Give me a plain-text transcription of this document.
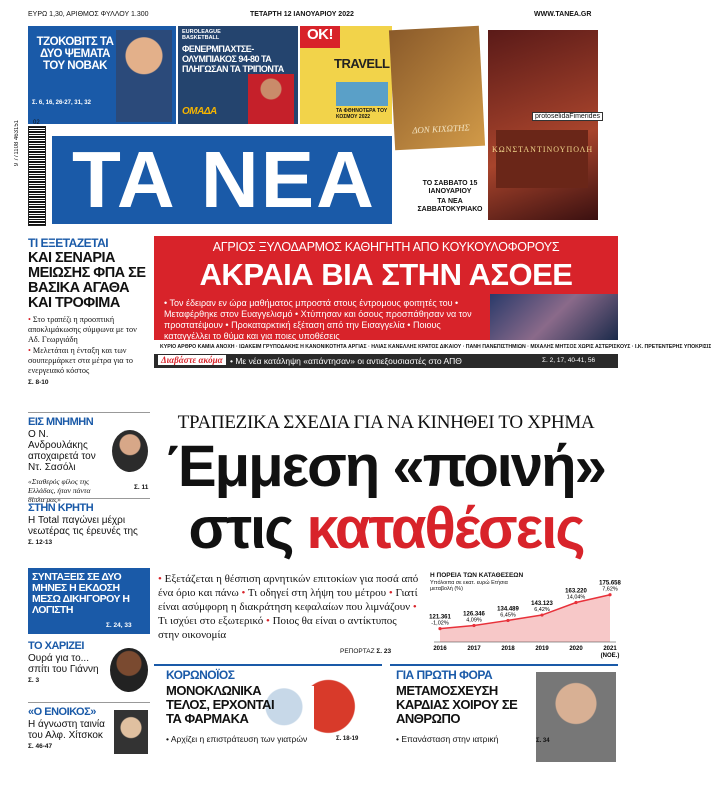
ΕΥΡΩ 1,30, ΑΡΙΘΜΟΣ ΦΥΛΛΟΥ 1.300	ΤΕΤΑΡΤΗ 12 ΙΑΝΟΥΑΡΙΟΥ 2022	WWW.TANEA.GR
ΤΖΟΚΟΒΙΤΣ ΤΑ ΔΥΟ ΨΕΜΑΤΑ ΤΟΥ ΝΟΒΑΚ
Σ. 6, 16, 26-27, 31, 32
EUROLEAGUE BASKETBALL
ΦΕΝΕΡΜΠΑΧΤΣΕ-ΟΛΥΜΠΙΑΚΟΣ 94-80 ΤΑ ΠΛΗΓΩΣΑΝ ΤΑ ΤΡΙΠΟΝΤΑ
ΟΜΑΔΑ
OK!
TRAVELL
ΤΑ ΦΘΗΝΟΤΕΡΑ ΤΟΥ ΚΟΣΜΟΥ 2022
ΔΟΝ ΚΙΧΩΤΗΣ
ΚΩΝΣΤΑΝΤΙΝΟΥΠΟΛΗ
ΤΑ ΝΕΑ
protoselidaFimerides
ΤΟ ΣΑΒΒΑΤΟ 15 ΙΑΝΟΥΑΡΙΟΥ
ΤΑ ΝΕΑ ΣΑΒΒΑΤΟΚΥΡΙΑΚΟ
9 771108 463151	02
ΤΑ ΝΕΑ
ΤΙ ΕΞΕΤΑΖΕΤΑΙ
ΚΑΙ ΣΕΝΑΡΙΑ ΜΕΙΩΣΗΣ ΦΠΑ ΣΕ ΒΑΣΙΚΑ ΑΓΑΘΑ ΚΑΙ ΤΡΟΦΙΜΑ
• Στο τραπέζι η προοπτική αποκλιμάκωσης σύμφωνα με τον Αδ. Γεωργιάδη
• Μελετάται η ένταξη και των σουπερμάρκετ στα μέτρα για το ενεργειακό κόστος
Σ. 8-10
ΕΙΣ ΜΝΗΜΗΝ
Ο Ν. Ανδρουλάκης αποχαιρετά τον Ντ. Σασόλι
«Σταθερός φίλος της Ελλάδας, ήταν πάντα δίπλα μας»
Σ. 11
ΣΤΗΝ ΚΡΗΤΗ
Η Total παγώνει μέχρι νεωτέρας τις έρευνές της
Σ. 12-13
ΣΥΝΤΑΞΕΙΣ ΣΕ ΔΥΟ ΜΗΝΕΣ Η ΕΚΔΟΣΗ ΜΕΣΩ ΔΙΚΗΓΟΡΟΥ Η ΛΟΓΙΣΤΗ
Σ. 24, 33
ΤΟ ΧΑΡΙΖΕΙ
Ουρά για το... σπίτι του Γιάννη
Σ. 3
«Ο ΕΝΟΙΚΟΣ»
Η άγνωστη ταινία του Αλφ. Χίτσκοκ
Σ. 46-47
ΑΓΡΙΟΣ ΞΥΛΟΔΑΡΜΟΣ ΚΑΘΗΓΗΤΗ ΑΠΟ ΚΟΥΚΟΥΛΟΦΟΡΟΥΣ
ΑΚΡΑΙΑ ΒΙΑ ΣΤΗΝ ΑΣΟΕΕ
• Τον έδειραν εν ώρα μαθήματος μπροστά στους έντρομους φοιτητές του • Μεταφέρθηκε στον Ευαγγελισμό • Χτύπησαν και όσους προσπάθησαν να τον προστατέψουν • Προκαταρκτική εξέταση από την Εισαγγελία • Ποιους καταγγέλλει το θύμα και για ποιες υποθέσεις
ΚΥΡΙΟ ΑΡΘΡΟ ΚΑΜΙΑ ΑΝΟΧΗ · ΙΩΑΚΕΙΜ ΓΡΥΠΟΔΑΚΗΣ Η ΚΑΝΟΝΙΚΟΤΗΤΑ ΑΡΓΙΑΣ · ΗΛΙΑΣ ΚΑΝΕΛΛΗΣ ΚΡΑΤΟΣ ΔΙΚΑΙΟΥ · ΠΑΝΗ ΠΑΝΕΠΙΣΤΗΜΙΩΝ · ΜΙΧΑΛΗΣ ΜΗΤΣΟΣ ΧΩΡΙΣ ΑΣΤΕΡΙΣΚΟΥΣ · Ι.Κ. ΠΡΕΤΕΝΤΕΡΗΣ ΥΠΟΚΡΙΣΙΣ
Διαβάστε ακόμα • Με νέα κατάληψη «απάντησαν» οι αντιεξουσιαστές στο ΑΠΘ	Σ. 2, 17, 40-41, 56
ΤΡΑΠΕΖΙΚΑ ΣΧΕΔΙΑ ΓΙΑ ΝΑ ΚΙΝΗΘΕΙ ΤΟ ΧΡΗΜΑ
Έμμεση «ποινή»
στις καταθέσεις
• Εξετάζεται η θέσπιση αρνητικών επιτοκίων για ποσά από ένα όριο και πάνω • Τι οδηγεί στη λήψη του μέτρου • Γιατί είναι ασύμφορη η διακράτηση κεφαλαίων που λιμνάζουν • Τι ισχύει στο εξωτερικό • Ποιος θα είναι ο αντίκτυπος στην οικονομία
ΡΕΠΟΡΤΑΖ Σ. 23
Η ΠΟΡΕΙΑ ΤΩΝ ΚΑΤΑΘΕΣΕΩΝ
Υπόλοιπα σε εκατ. ευρώ Ετήσια μεταβολή (%)
121.361
-1,02%
2016
126.346
4,09%
2017
134.489
6,45%
2018
143.123
6,42%
2019
163.220
14,04%
2020
175.658
7,62%
2021
(ΝΟΕ.)
ΚΟΡΩΝΟΪΟΣ
ΜΟΝΟΚΛΩΝΙΚΑ ΤΕΛΟΣ, ΕΡΧΟΝΤΑΙ ΤΑ ΦΑΡΜΑΚΑ
• Αρχίζει η επιστράτευση των γιατρών	Σ. 18-19
ΓΙΑ ΠΡΩΤΗ ΦΟΡΑ
ΜΕΤΑΜΟΣΧΕΥΣΗ ΚΑΡΔΙΑΣ ΧΟΙΡΟΥ ΣΕ ΑΝΘΡΩΠΟ
• Επανάσταση στην ιατρική	Σ. 34
